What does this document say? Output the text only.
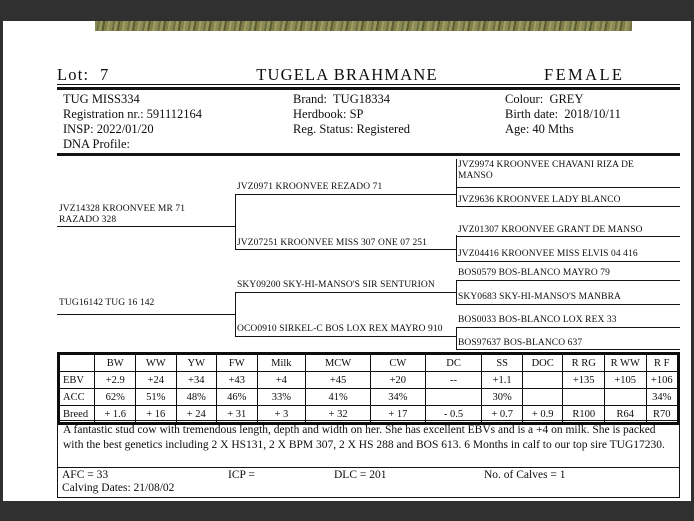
Lot:  7	TUGELA BRAHMANE	FEMALE
TUG MISS334
Registration nr.: 591112164
INSP: 2022/01/20
DNA Profile:
Brand:  TUG18334
Herdbook: SP
Reg. Status: Registered
Colour:  GREY
Birth date:  2018/10/11
Age: 40 Mths
JVZ14328 KROONVEE MR 71 RAZADO 328
TUG16142 TUG 16 142
JVZ0971 KROONVEE REZADO 71
JVZ07251 KROONVEE MISS 307 ONE 07 251
SKY09200 SKY-HI-MANSO'S SIR SENTURION
OCO0910 SIRKEL-C BOS LOX REX MAYRO 910
JVZ9974 KROONVEE CHAVANI RIZA DE MANSO
JVZ9636 KROONVEE LADY BLANCO
JVZ01307 KROONVEE GRANT DE MANSO
JVZ04416 KROONVEE MISS ELVIS 04 416
BOS0579 BOS-BLANCO MAYRO 79
SKY0683 SKY-HI-MANSO'S MANBRA
BOS0033 BOS-BLANCO LOX REX 33
BOS97637 BOS-BLANCO 637
	BW	WW	YW	FW	Milk	MCW	CW	DC	SS	DOC	R RG	R WW	R F
EBV	+2.9	+24	+34	+43	+4	+45	+20	--	+1.1		+135	+105	+106
ACC	62%	51%	48%	46%	33%	41%	34%		30%				34%
Breed	+ 1.6	+ 16	+ 24	+ 31	+ 3	+ 32	+ 17	- 0.5	+ 0.7	+ 0.9	R100	R64	R70
A fantastic stud cow with tremendous length, depth and width on her. She has excellent EBVs and is a +4 on milk. She is packed with the best genetics including 2 X HS131, 2 X BPM 307, 2 X HS 288 and BOS 613. 6 Months in calf to our top sire TUG17230.
AFC = 33	ICP =	DLC = 201	No. of Calves = 1
Calving Dates: 21/08/02
